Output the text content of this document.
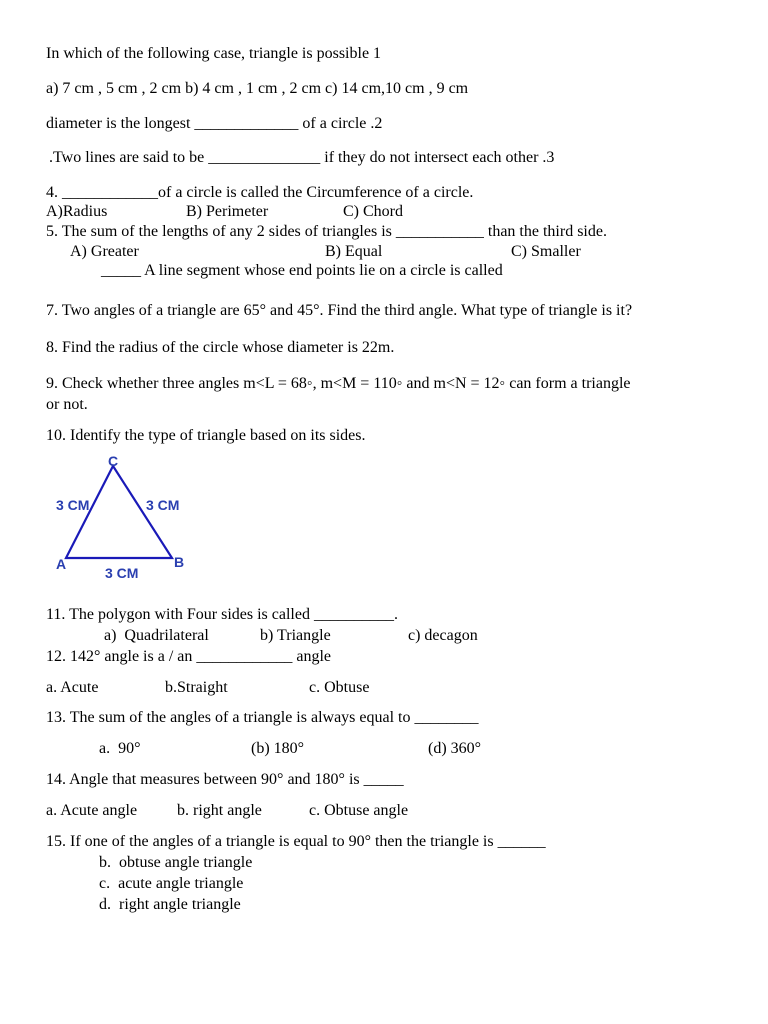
In which of the following case, triangle is possible 1
a) 7 cm , 5 cm , 2 cm b) 4 cm , 1 cm , 2 cm c) 14 cm,10 cm , 9 cm
diameter is the longest _____________ of a circle .2
.Two lines are said to be ______________ if they do not intersect each other .3
4. ____________of a circle is called the Circumference of a circle.
A)Radius	B) Perimeter	C) Chord
5. The sum of the lengths of any 2 sides of triangles is ___________ than the third side.
A) Greater	B) Equal	C) Smaller
_____ A line segment whose end points lie on a circle is called
7. Two angles of a triangle are 65° and 45°. Find the third angle. What type of triangle is it?
8. Find the radius of the circle whose diameter is 22m.
9. Check whether three angles m<L = 68◦, m<M = 110◦ and m<N = 12◦ can form a triangle
or not.
10. Identify the type of triangle based on its sides.
C
A	B
3 CM	3 CM
3 CM
11. The polygon with Four sides is called __________.
a)  Quadrilateral	b) Triangle	c) decagon
12. 142° angle is a / an ____________ angle
a. Acute	b.Straight	c. Obtuse
13. The sum of the angles of a triangle is always equal to ________
a.  90°	(b) 180°	(d) 360°
14. Angle that measures between 90° and 180° is _____
a. Acute angle b. right angle	c. Obtuse angle
15. If one of the angles of a triangle is equal to 90° then the triangle is ______
b.  obtuse angle triangle
c.  acute angle triangle
d.  right angle triangle
